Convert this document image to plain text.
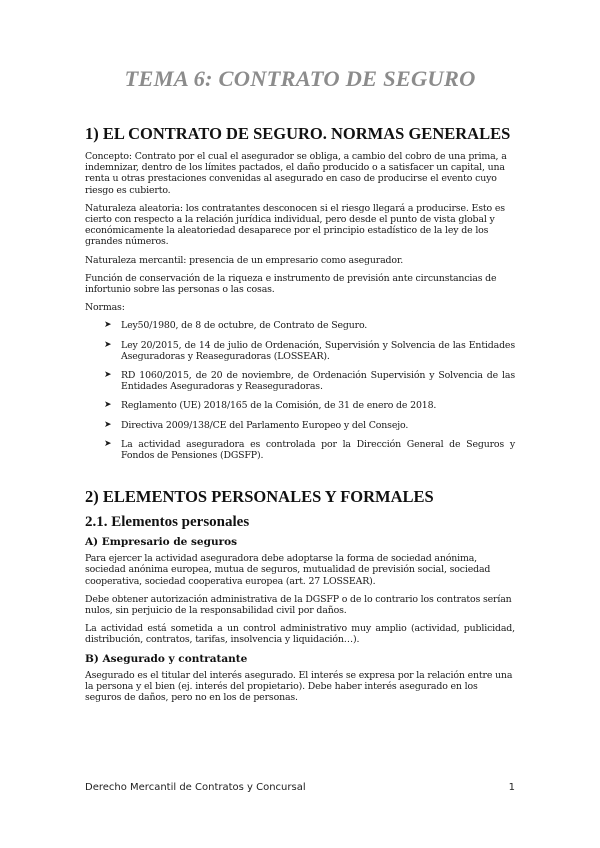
TEMA 6: CONTRATO DE SEGURO
1) EL CONTRATO DE SEGURO. NORMAS GENERALES

Concepto: Contrato por el cual el asegurador se obliga, a cambio del cobro de una prima, a indemnizar, dentro de los límites pactados, el daño producido o a satisfacer un capital, una renta u otras prestaciones convenidas al asegurado en caso de producirse el evento cuyo riesgo es cubierto.

Naturaleza aleatoria: los contratantes desconocen si el riesgo llegará a producirse. Esto es cierto con respecto a la relación jurídica individual, pero desde el punto de vista global y económicamente la aleatoriedad desaparece por el principio estadístico de la ley de los grandes números.

Naturaleza mercantil: presencia de un empresario como asegurador.

Función de conservación de la riqueza e instrumento de previsión ante circunstancias de infortunio sobre las personas o las cosas.

Normas:

➤ Ley50/1980, de 8 de octubre, de Contrato de Seguro.
➤ Ley 20/2015, de 14 de julio de Ordenación, Supervisión y Solvencia de las Entidades Aseguradoras y Reaseguradoras (LOSSEAR).
➤ RD 1060/2015, de 20 de noviembre, de Ordenación Supervisión y Solvencia de las Entidades Aseguradoras y Reaseguradoras.
➤ Reglamento (UE) 2018/165 de la Comisión, de 31 de enero de 2018.
➤ Directiva 2009/138/CE del Parlamento Europeo y del Consejo.
➤ La actividad aseguradora es controlada por la Dirección General de Seguros y Fondos de Pensiones (DGSFP).
2) ELEMENTOS PERSONALES Y FORMALES
2.1. Elementos personales
A) Empresario de seguros

Para ejercer la actividad aseguradora debe adoptarse la forma de sociedad anónima, sociedad anónima europea, mutua de seguros, mutualidad de previsión social, sociedad cooperativa, sociedad cooperativa europea (art. 27 LOSSEAR).

Debe obtener autorización administrativa de la DGSFP o de lo contrario los contratos serían nulos, sin perjuicio de la responsabilidad civil por daños.

La actividad está sometida a un control administrativo muy amplio (actividad, publicidad, distribución, contratos, tarifas, insolvencia y liquidación…).

B) Asegurado y contratante

Asegurado es el titular del interés asegurado. El interés se expresa por la relación entre una la persona y el bien (ej. interés del propietario). Debe haber interés asegurado en los seguros de daños, pero no en los de personas.

Derecho Mercantil de Contratos y Concursal	1
